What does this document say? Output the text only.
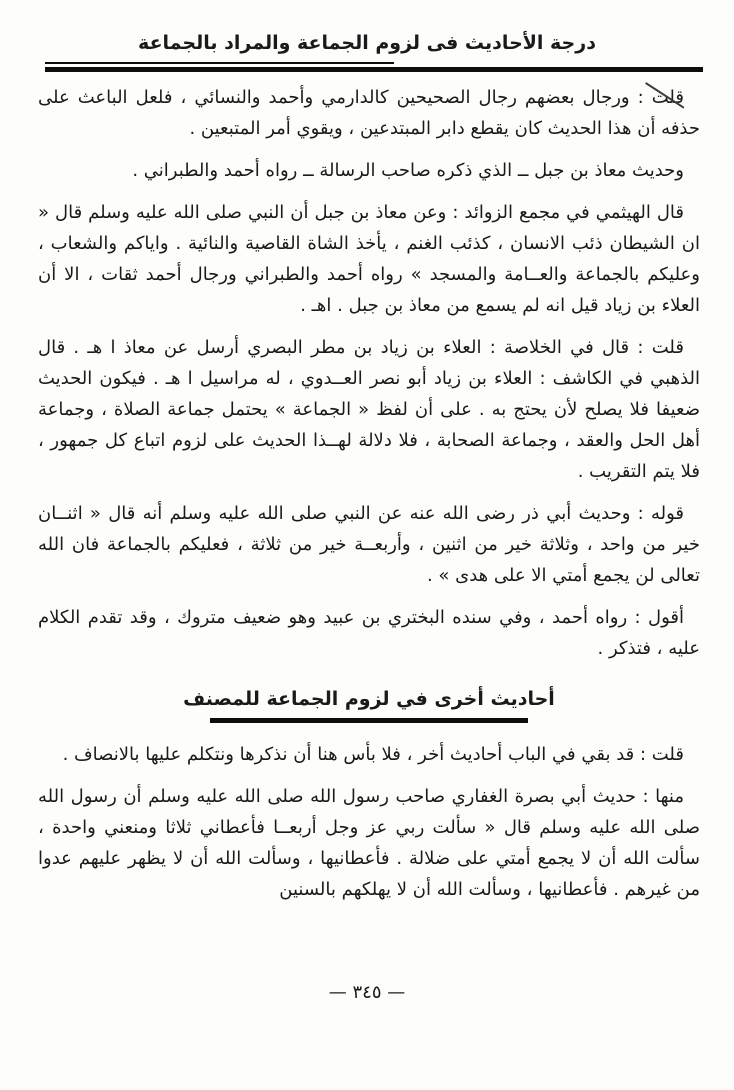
درجة الأحاديث فى لزوم الجماعة والمراد بالجماعة

قلت : ورجال بعضهم رجال الصحيحين كالدارمي وأحمد والنسائي ، فلعل الباعث على حذفه أن هذا الحديث كان يقطع دابر المبتدعين ، ويقوي أمر المتبعين .

وحديث معاذ بن جبل ــ الذي ذكره صاحب الرسالة ــ رواه أحمد والطبراني .

قال الهيثمي في مجمع الزوائد : وعن معاذ بن جبل أن النبي صلى الله عليه وسلم قال « ان الشيطان ذئب الانسان ، كذئب الغنم ، يأخذ الشاة القاصية والنائية . واياكم والشعاب ، وعليكم بالجماعة والعــامة والمسجد » رواه أحمد والطبراني ورجال أحمد ثقات ، الا أن العلاء بن زياد قيل انه لم يسمع من معاذ بن جبل . اهـ .

قلت : قال في الخلاصة : العلاء بن زياد بن مطر البصري أرسل عن معاذ ا هـ . قال الذهبي في الكاشف : العلاء بن زياد أبو نصر العــدوي ، له مراسيل ا هـ . فيكون الحديث ضعيفا فلا يصلح لأن يحتج به . على أن لفظ « الجماعة » يحتمل جماعة الصلاة ، وجماعة أهل الحل والعقد ، وجماعة الصحابة ، فلا دلالة لهــذا الحديث على لزوم اتباع كل جمهور ، فلا يتم التقريب .

قوله : وحديث أبي ذر رضى الله عنه عن النبي صلى الله عليه وسلم أنه قال « اثنــان خير من واحد ، وثلاثة خير من اثنين ، وأربعــة خير من ثلاثة ، فعليكم بالجماعة فان الله تعالى لن يجمع أمتي الا على هدى » .

أقول : رواه أحمد ، وفي سنده البختري بن عبيد وهو ضعيف متروك ، وقد تقدم الكلام عليه ، فتذكر .

أحاديث أخرى في لزوم الجماعة للمصنف

قلت : قد بقي في الباب أحاديث أخر ، فلا بأس هنا أن نذكرها ونتكلم عليها بالانصاف .

منها : حديث أبي بصرة الغفاري صاحب رسول الله صلى الله عليه وسلم أن رسول الله صلى الله عليه وسلم قال « سألت ربي عز وجل أربعــا فأعطاني ثلاثا ومنعني واحدة ، سألت الله أن لا يجمع أمتي على ضلالة . فأعطانيها ، وسألت الله أن لا يظهر عليهم عدوا من غيرهم . فأعطانيها ، وسألت الله أن لا يهلكهم بالسنين

— ٣٤٥ —
